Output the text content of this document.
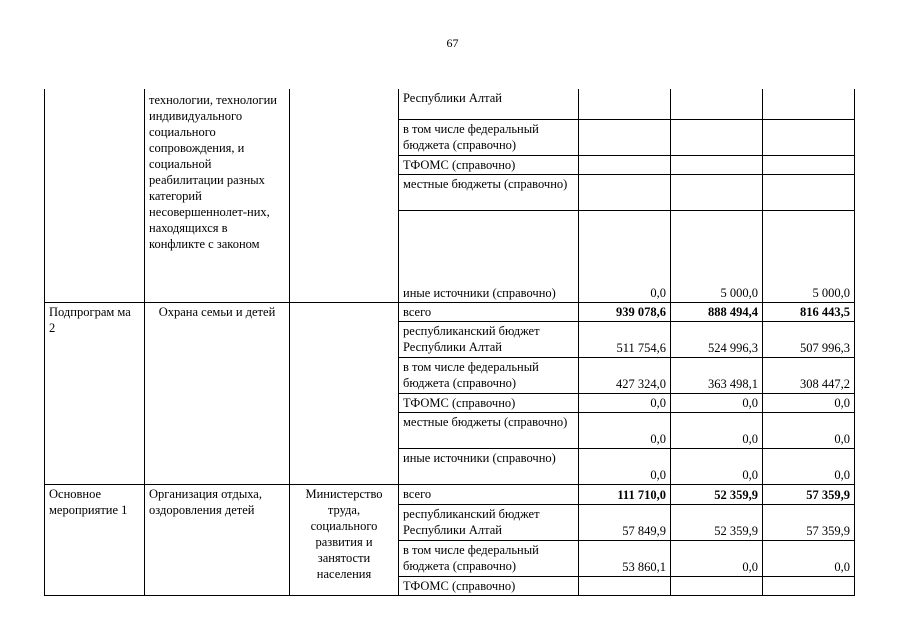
67
	технологии, технологии индивидуального социального сопровождения, и социальной реабилитации разных категорий несовершеннолет-них, находящихся в конфликте с законом		Республики Алтай			
			в том числе федеральный бюджета (справочно)			
			ТФОМС (справочно)			
			местные бюджеты (справочно)			
			иные источники (справочно)	0,0	5 000,0	5 000,0
Подпрограм ма 2	Охрана семьи и детей		всего	939 078,6	888 494,4	816 443,5
			республиканский бюджет Республики Алтай	511 754,6	524 996,3	507 996,3
			в том числе федеральный бюджета (справочно)	427 324,0	363 498,1	308 447,2
			ТФОМС (справочно)	0,0	0,0	0,0
			местные бюджеты (справочно)	0,0	0,0	0,0
			иные источники (справочно)	0,0	0,0	0,0
Основное мероприятие 1	Организация отдыха, оздоровления детей	Министерство труда, социального развития и занятости населения	всего	111 710,0	52 359,9	57 359,9
			республиканский бюджет Республики Алтай	57 849,9	52 359,9	57 359,9
			в том числе федеральный бюджета (справочно)	53 860,1	0,0	0,0
			ТФОМС (справочно)			
